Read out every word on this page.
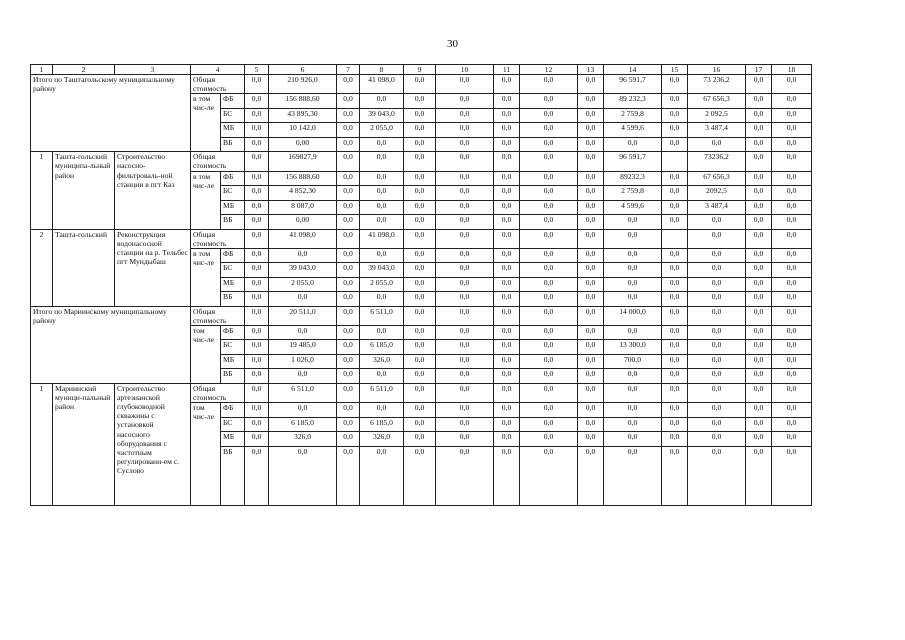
30
1	2	3	4		5	6	7	8	9	10	11	12	13	14	15	16	17	18
Итого по Таштагольскому муниципальному району			Общая стоимость		0,0	210 926,0	0,0	41 098,0	0,0	0,0	0,0	0,0	0,0	96 591,7	0,0	73 236,2	0,0	0,0
			в том чис-ле	ФБ	0,0	156 888,60	0,0	0,0	0,0	0,0	0,0	0,0	0,0	89 232,3	0,0	67 656,3	0,0	0,0
				БС	0,0	43 895,30	0,0	39 043,0	0,0	0,0	0,0	0,0	0,0	2 759,8	0,0	2 092,5	0,0	0,0
				МБ	0,0	10 142,0	0,0	2 055,0	0,0	0,0	0,0	0,0	0,0	4 599,6	0,0	3 487,4	0,0	0,0
				ВБ	0,0	0,00	0,0	0,0	0,0	0,0	0,0	0,0	0,0	0,0	0,0	0,0	0,0	0,0
1	Ташта-гольский муниципа-льный район	Строительство насосно-фильтроваль-ной станции в пгт Каз	Общая стоимость		0,0	169827,9	0,0	0,0	0,0	0,0	0,0	0,0	0,0	96 591,7		73236,2	0,0	0,0
			в том чис-ле	ФБ	0,0	156 888,60	0,0	0,0	0,0	0,0	0,0	0,0	0,0	89232,3	0,0	67 656,3	0,0	0,0
				БС	0,0	4 852,30	0,0	0,0	0,0	0,0	0,0	0,0	0,0	2 759,8	0,0	2092,5	0,0	0,0
				МБ	0,0	8 087,0	0,0	0,0	0,0	0,0	0,0	0,0	0,0	4 599,6	0,0	3 487,4	0,0	0,0
				ВБ	0,0	0,00	0,0	0,0	0,0	0,0	0,0	0,0	0,0	0,0	0,0	0,0	0,0	0,0
2	Ташта-гольский	Реконструкция водонасосной станции на р. Тельбес пгт Мундыбаш	Общая стоимость		0,0	41 098,0	0,0	41 098,0	0,0	0,0	0,0	0,0	0,0	0,0		0,0	0,0	0,0
			в том чис-ле	ФБ	0,0	0,0	0,0	0,0	0,0	0,0	0,0	0,0	0,0	0,0	0,0	0,0	0,0	0,0
				БС	0,0	39 043,0	0,0	39 043,0	0,0	0,0	0,0	0,0	0,0	0,0	0,0	0,0	0,0	0,0
				МБ	0,0	2 055,0	0,0	2 055,0	0,0	0,0	0,0	0,0	0,0	0,0	0,0	0,0	0,0	0,0
				ВБ	0,0	0,0	0,0	0,0	0,0	0,0	0,0	0,0	0,0	0,0	0,0	0,0	0,0	0,0
Итого по Мариинскому муниципальному району			Общая стоимость		0,0	20 511,0	0,0	6 511,0	0,0	0,0	0,0	0,0	0,0	14 000,0	0,0	0,0	0,0	0,0
			том чис-ле	ФБ	0,0	0,0	0,0	0,0	0,0	0,0	0,0	0,0	0,0	0,0	0,0	0,0	0,0	0,0
				БС	0,0	19 485,0	0,0	6 185,0	0,0	0,0	0,0	0,0	0,0	13 300,0	0,0	0,0	0,0	0,0
				МБ	0,0	1 026,0	0,0	326,0	0,0	0,0	0,0	0,0	0,0	700,0	0,0	0,0	0,0	0,0
				ВБ	0,0	0,0	0,0	0,0	0,0	0,0	0,0	0,0	0,0	0,0	0,0	0,0	0,0	0,0
1	Мариинский муници-пальный район	Строительство артезианской глубоководной скважины с установкой насосного оборудования с частотным регулировани-ем с. Суслово	Общая стоимость		0,0	6 511,0	0,0	6 511,0	0,0	0,0	0,0	0,0	0,0	0,0	0,0	0,0	0,0	0,0
			том чис-ле	ФБ	0,0	0,0	0,0	0,0	0,0	0,0	0,0	0,0	0,0	0,0	0,0	0,0	0,0	0,0
				БС	0,0	6 185,0	0,0	6 185,0	0,0	0,0	0,0	0,0	0,0	0,0	0,0	0,0	0,0	0,0
				МБ	0,0	326,0	0,0	326,0	0,0	0,0	0,0	0,0	0,0	0,0	0,0	0,0	0,0	0,0
				ВБ	0,0	0,0	0,0	0,0	0,0	0,0	0,0	0,0	0,0	0,0	0,0	0,0	0,0	0,0
